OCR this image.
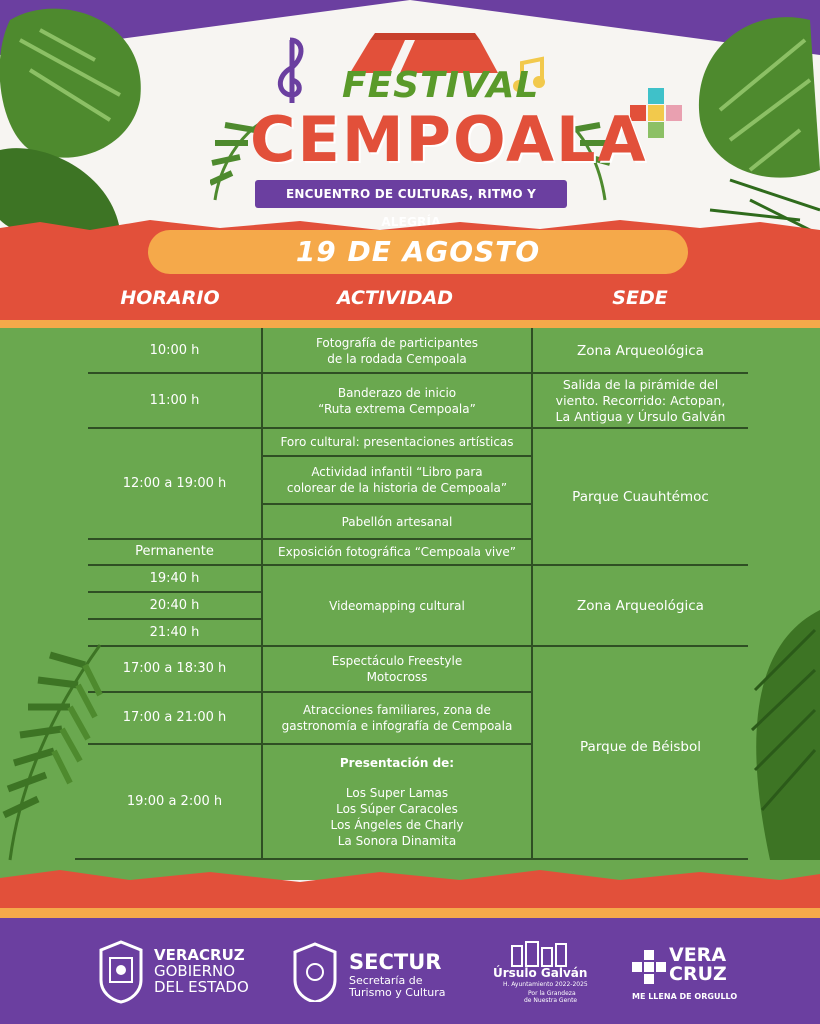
FESTIVAL
CEMPOALA
ENCUENTRO DE CULTURAS, RITMO Y ALEGRÍA
19 DE AGOSTO
HORARIO	ACTIVIDAD	SEDE
10:00 h
11:00 h
12:00 a 19:00 h
Permanente
19:40 h
20:40 h
21:40 h
17:00 a 18:30 h
17:00 a 21:00 h
19:00 a 2:00 h
Fotografía de participantes
de la rodada Cempoala
Banderazo de inicio
“Ruta extrema Cempoala”
Foro cultural: presentaciones artísticas
Actividad infantil “Libro para
colorear de la historia de Cempoala”
Pabellón artesanal
Exposición fotográfica “Cempoala vive”
Videomapping cultural
Espectáculo Freestyle
Motocross
Atracciones familiares, zona de
gastronomía e infografía de Cempoala
Presentación de:
Los Super Lamas
Los Súper Caracoles
Los Ángeles de Charly
La Sonora Dinamita
Zona Arqueológica
Salida de la pirámide del
viento. Recorrido: Actopan,
La Antigua y Úrsulo Galván
Parque Cuauhtémoc
Zona Arqueológica
Parque de Béisbol
VERACRUZ
GOBIERNO
DEL ESTADO
SECTUR
Secretaría de
Turismo y Cultura
Úrsulo Galván
H. Ayuntamiento 2022-2025
Por la Grandeza
de Nuestra Gente
VERA
CRUZ
ME LLENA DE ORGULLO
